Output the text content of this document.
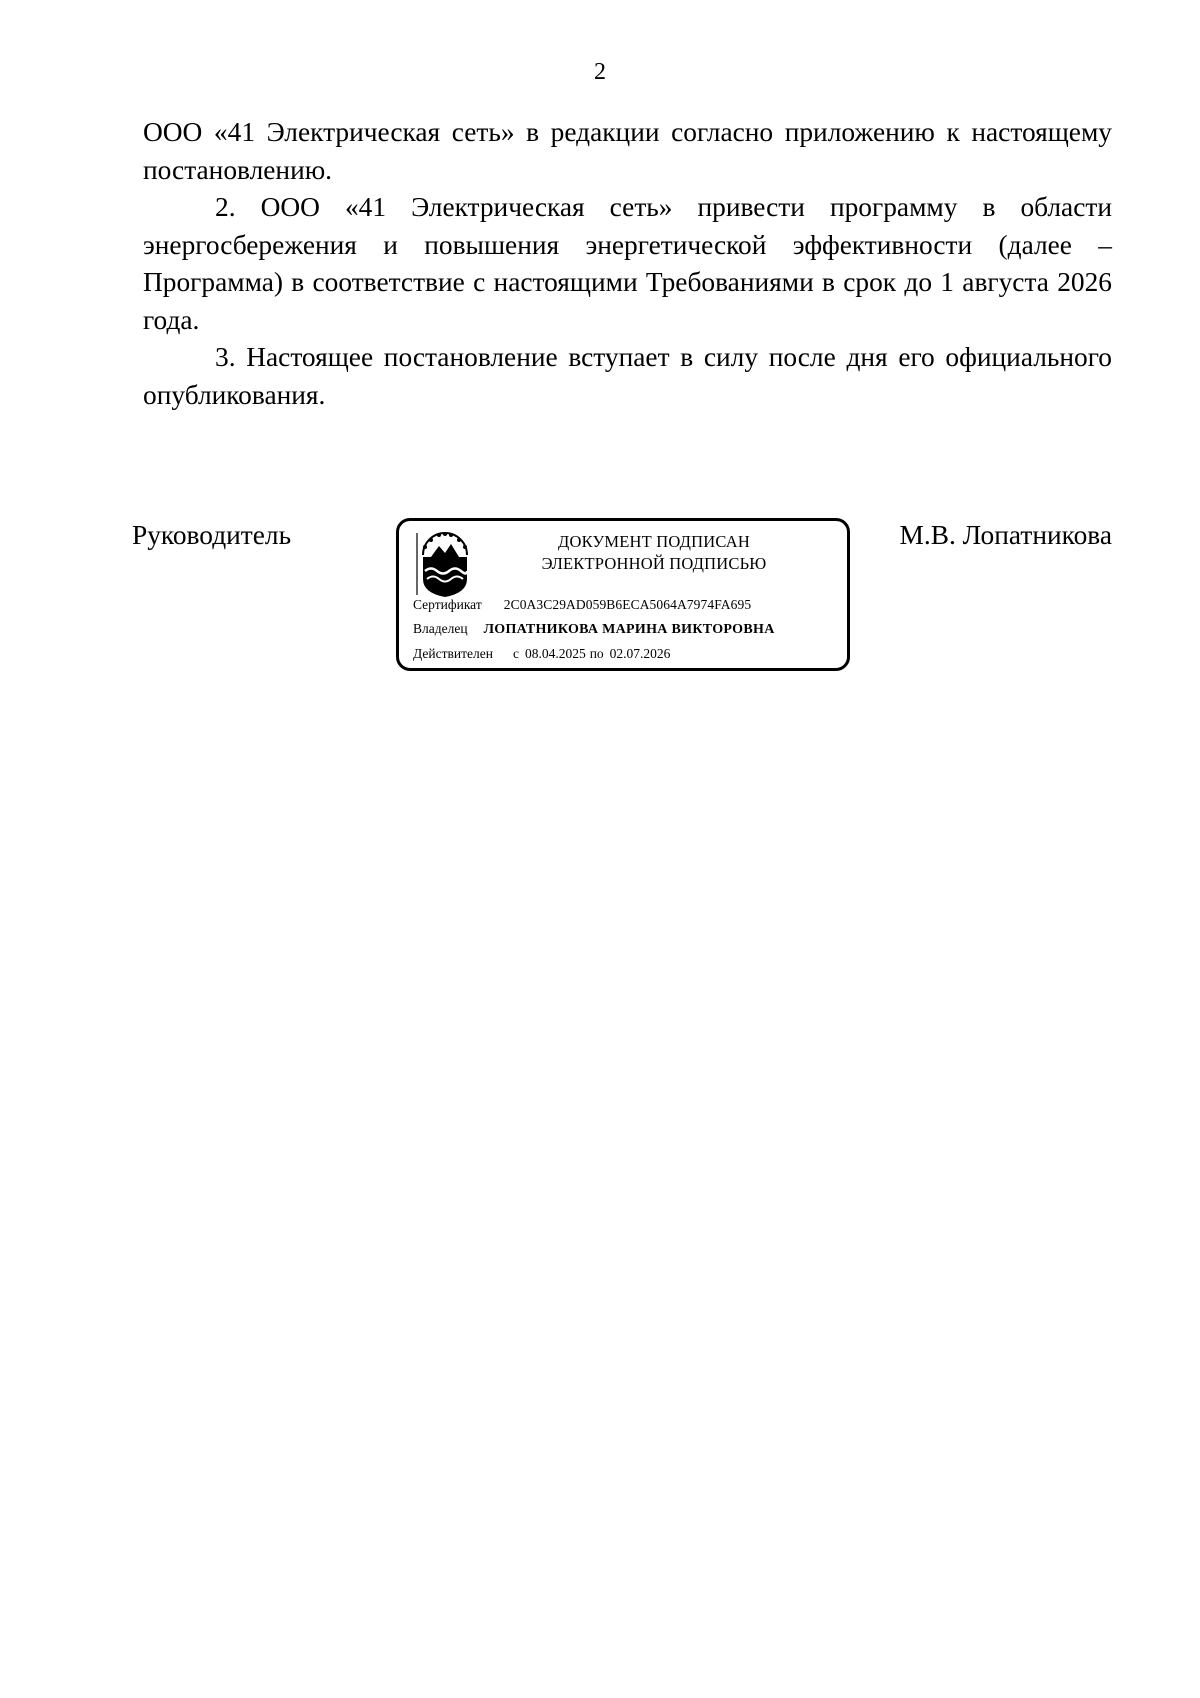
2

ООО «41 Электрическая сеть» в редакции согласно приложению к настоящему постановлению.

2. ООО «41 Электрическая сеть» привести программу в области энергосбережения и повышения энергетической эффективности (далее – Программа) в соответствие с настоящими Требованиями в срок до 1 августа 2026 года.

3. Настоящее постановление вступает в силу после дня его официального опубликования.

Руководитель	ДОКУМЕНТ ПОДПИСАН
ЭЛЕКТРОННОЙ ПОДПИСЬЮ
Сертификат 2C0A3C29AD059B6ECA5064A7974FA695
Владелец ЛОПАТНИКОВА МАРИНА ВИКТОРОВНА
Действителен с 08.04.2025 по 02.07.2026
М.В. Лопатникова
